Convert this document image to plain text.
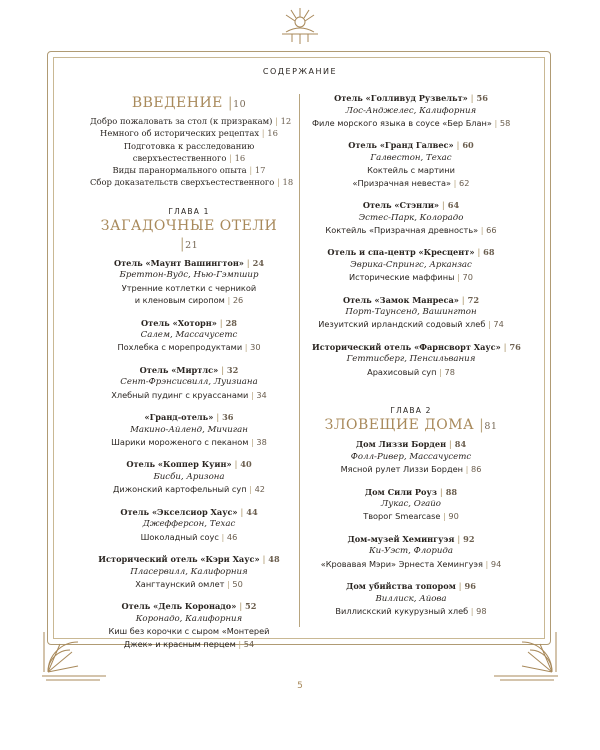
СОДЕРЖАНИЕ
ВВЕДЕНИЕ |10
Добро пожаловать за стол (к призракам) | 12
Немного об исторических рецептах | 16
Подготовка к расследованию сверхъестественного | 16
Виды паранормального опыта | 17
Сбор доказательств сверхъестественного | 18
ГЛАВА 1
ЗАГАДОЧНЫЕ ОТЕЛИ |21
Отель «Маунт Вашингтон» | 24
Бреттон-Вудс, Нью-Гэмпшир
Утренние котлетки с черникой и кленовым сиропом | 26
Отель «Хоторн» | 28
Салем, Массачусетс
Похлебка с морепродуктами | 30
Отель «Миртлс» | 32
Сент-Фрэнсисвилл, Луизиана
Хлебный пудинг с круассанами | 34
«Гранд-отель» | 36
Макино-Айленд, Мичиган
Шарики мороженого с пеканом | 38
Отель «Коппер Куин» | 40
Бисби, Аризона
Дижонский картофельный суп | 42
Отель «Экселсиор Хаус» | 44
Джефферсон, Техас
Шоколадный соус | 46
Исторический отель «Кэри Хаус» | 48
Пласервилл, Калифорния
Хангтаунский омлет | 50
Отель «Дель Коронадо» | 52
Коронадо, Калифорния
Киш без корочки с сыром «Монтерей Джек» и красным перцем | 54
Отель «Голливуд Рузвельт» | 56
Лос-Анджелес, Калифорния
Филе морского языка в соусе «Бер Блан» | 58
Отель «Гранд Галвес» | 60
Галвестон, Техас
Коктейль с мартини «Призрачная невеста» | 62
Отель «Стэнли» | 64
Эстес-Парк, Колорадо
Коктейль «Призрачная древность» | 66
Отель и спа-центр «Кресцент» | 68
Эврика-Спрингс, Арканзас
Исторические маффины | 70
Отель «Замок Манреса» | 72
Порт-Таунсенд, Вашингтон
Иезуитский ирландский содовый хлеб | 74
Исторический отель «Фарнсворт Хаус» | 76
Геттисберг, Пенсильвания
Арахисовый суп | 78
ГЛАВА 2
ЗЛОВЕЩИЕ ДОМА |81
Дом Лиззи Борден | 84
Фолл-Ривер, Массачусетс
Мясной рулет Лиззи Борден | 86
Дом Сили Роуз | 88
Лукас, Огайо
Творог Smearcase | 90
Дом-музей Хемингуэя | 92
Ки-Уэст, Флорида
«Кровавая Мэри» Эрнеста Хемингуэя | 94
Дом убийства топором | 96
Виллиск, Айова
Виллискский кукурузный хлеб | 98
5
